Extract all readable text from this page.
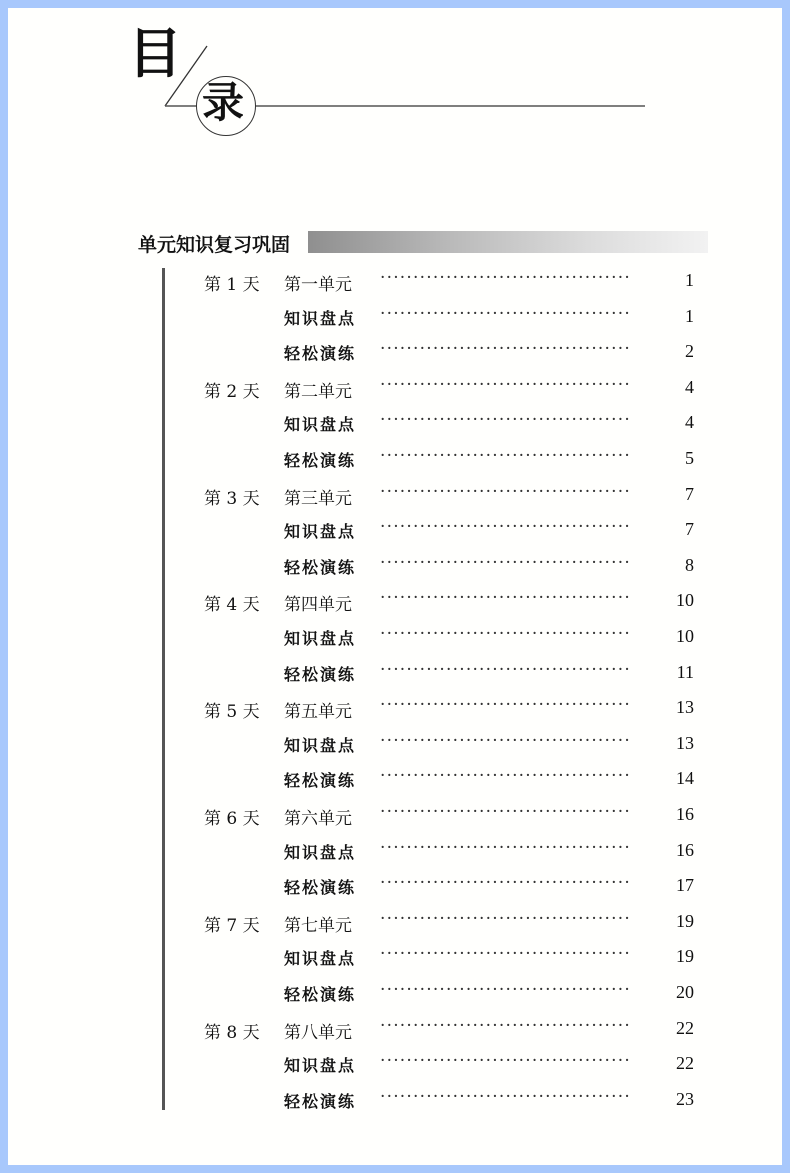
目
录
单元知识复习巩固
第 1 天 第一单元 ······································	1
知识盘点 ······································	1
轻松演练 ······································	2
第 2 天 第二单元 ······································	4
知识盘点 ······································	4
轻松演练 ······································	5
第 3 天 第三单元 ······································	7
知识盘点 ······································	7
轻松演练 ······································	8
第 4 天 第四单元 ······································	10
知识盘点 ······································	10
轻松演练 ······································	11
第 5 天 第五单元 ······································	13
知识盘点 ······································	13
轻松演练 ······································	14
第 6 天 第六单元 ······································	16
知识盘点 ······································	16
轻松演练 ······································	17
第 7 天 第七单元 ······································	19
知识盘点 ······································	19
轻松演练 ······································	20
第 8 天 第八单元 ······································	22
知识盘点 ······································	22
轻松演练 ······································	23
